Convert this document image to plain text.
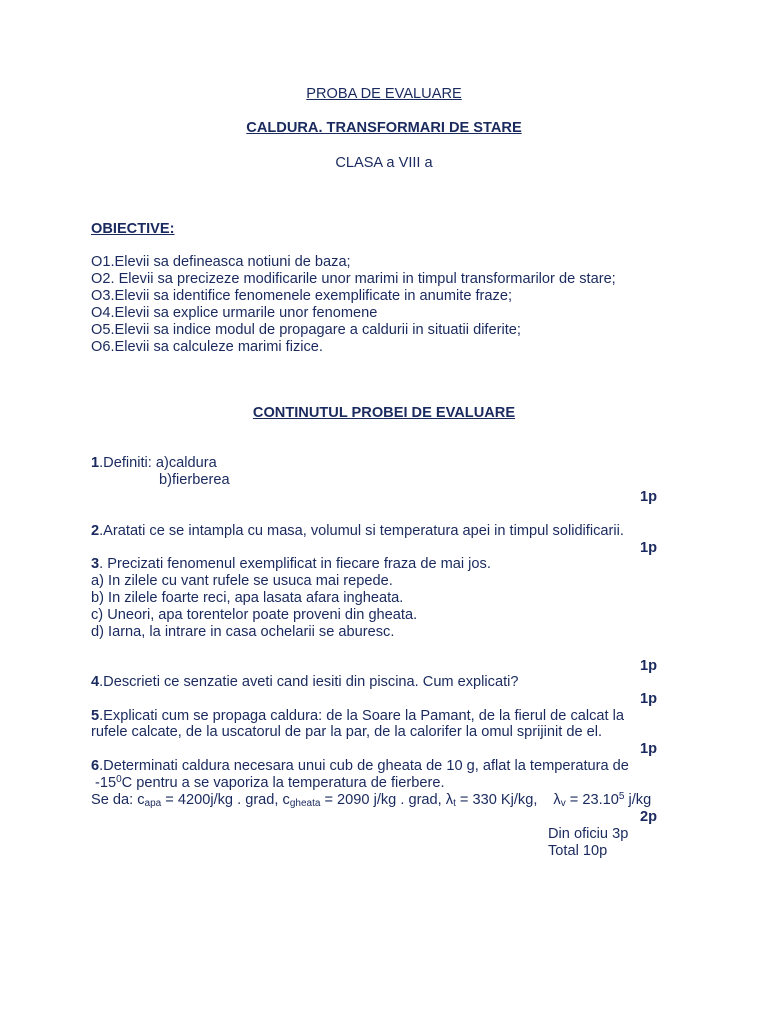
PROBA DE EVALUARE
CALDURA. TRANSFORMARI DE STARE
CLASA a VIII a
OBIECTIVE:
O1.Elevii sa defineasca notiuni de baza;
O2. Elevii sa precizeze modificarile unor marimi in timpul transformarilor de stare;
O3.Elevii sa identifice fenomenele exemplificate in anumite fraze;
O4.Elevii sa explice urmarile unor fenomene
O5.Elevii sa indice modul de propagare a caldurii in situatii diferite;
O6.Elevii sa calculeze marimi fizice.
CONTINUTUL PROBEI DE EVALUARE
1.Definiti: a)caldura
b)fierberea
1p
2.Aratati ce se intampla cu masa, volumul si temperatura apei in timpul solidificarii.
1p
3. Precizati fenomenul exemplificat in fiecare fraza de mai jos.
a) In zilele cu vant rufele se usuca mai repede.
b) In zilele foarte reci, apa lasata afara ingheata.
c) Uneori, apa torentelor poate proveni din gheata.
d) Iarna, la intrare in casa ochelarii se aburesc.
1p
4.Descrieti ce senzatie aveti cand iesiti din piscina. Cum explicati?
1p
5.Explicati cum se propaga caldura: de la Soare la Pamant, de la fierul de calcat la
rufele calcate, de la uscatorul de par la par, de la calorifer la omul sprijinit de el.
1p
6.Determinati caldura necesara unui cub de gheata de 10 g, aflat la temperatura de
$-15^0C$ pentru a se vaporiza la temperatura de fierbere.
Se da: $c_{apa} = 4200j/kg$ . grad, $c_{gheata} = 2090$ j/kg . grad, $\lambda_t = 330$ Kj/kg, $\lambda_v = 23.10^5$ j/kg
2p
Din oficiu 3p
Total 10p
